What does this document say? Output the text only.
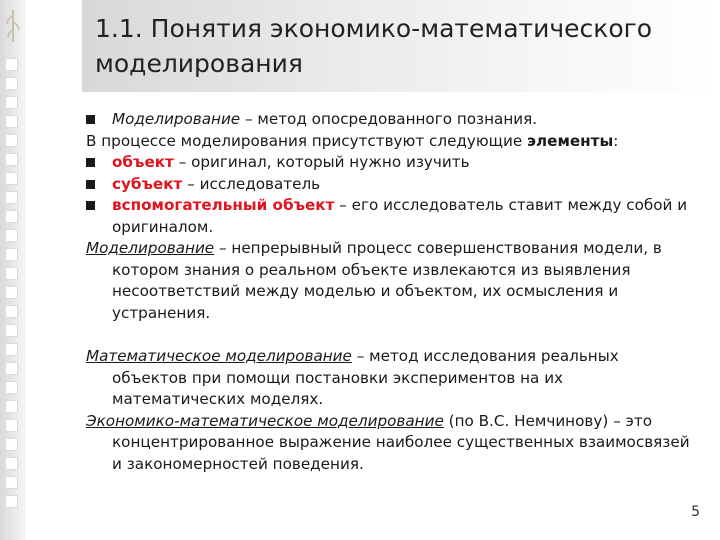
1.1. Понятия экономико-математического моделирования

Моделирование – метод опосредованного познания.

В процессе моделирования присутствуют следующие элементы:

объект – оригинал, который нужно изучить

субъект – исследователь

вспомогательный объект – его исследователь ставит между собой и оригиналом.

Моделирование – непрерывный процесс совершенствования модели, в котором знания о реальном объекте извлекаются из выявления несоответствий между моделью и объектом, их осмысления и устранения.

Математическое моделирование – метод исследования реальных объектов при помощи постановки экспериментов на их математических моделях.

Экономико-математическое моделирование (по В.С. Немчинову) – это концентрированное выражение наиболее существенных взаимосвязей и закономерностей поведения.

5
